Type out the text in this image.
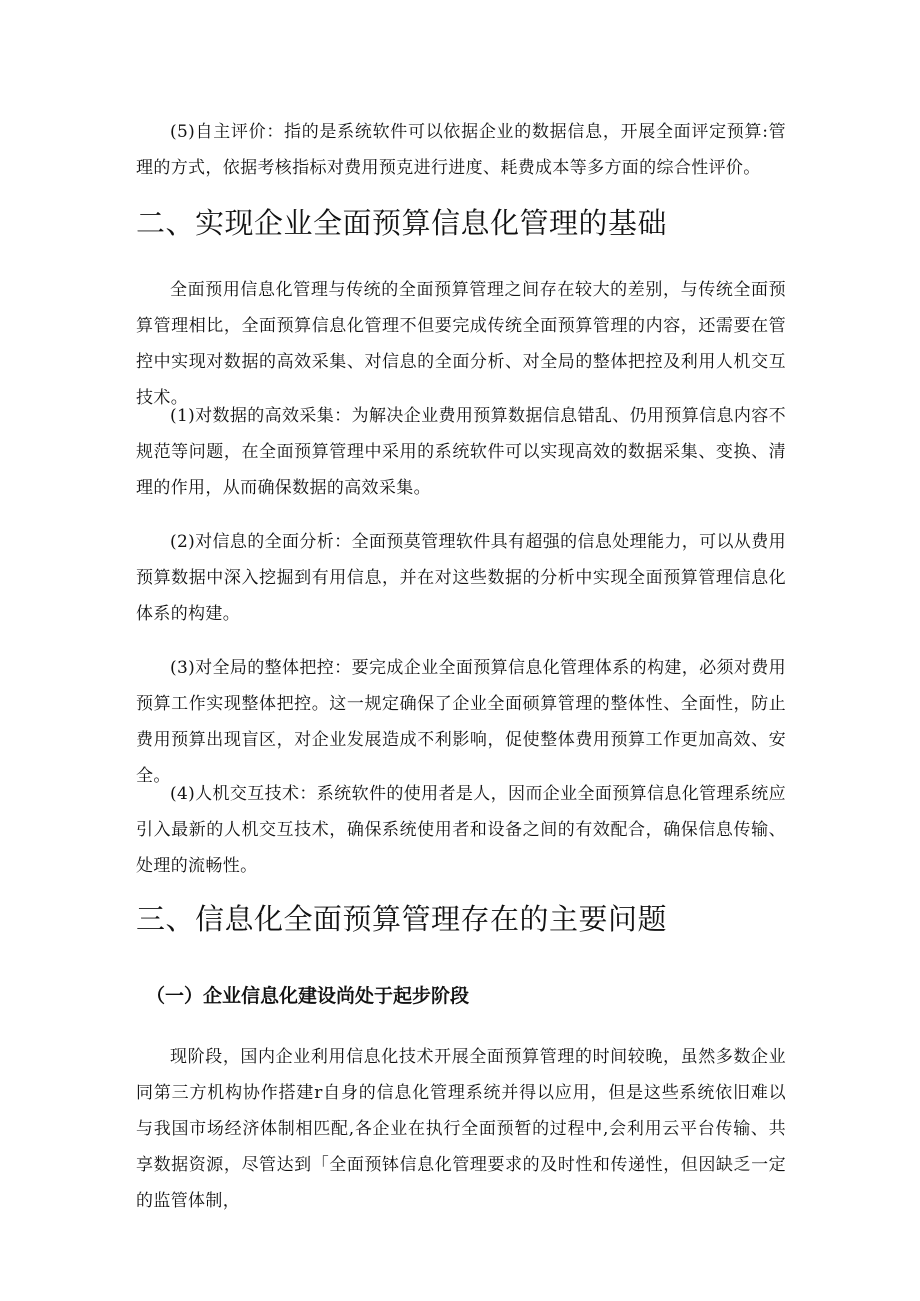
(5)自主评价：指的是系统软件可以依据企业的数据信息，开展全面评定预算:管理的方式，依据考核指标对费用预克进行进度、耗费成本等多方面的综合性评价。

二、实现企业全面预算信息化管理的基础

全面预用信息化管理与传统的全面预算管理之间存在较大的差别，与传统全面预算管理相比，全面预算信息化管理不但要完成传统全面预算管理的内容，还需要在管控中实现对数据的高效采集、对信息的全面分析、对全局的整体把控及利用人机交互技术。

(1)对数据的高效采集：为解决企业费用预算数据信息错乱、仍用预算信息内容不规范等问题，在全面预算管理中采用的系统软件可以实现高效的数据采集、变换、清理的作用，从而确保数据的高效采集。

(2)对信息的全面分析：全面预莫管理软件具有超强的信息处理能力，可以从费用预算数据中深入挖掘到有用信息，并在对这些数据的分析中实现全面预算管理信息化体系的构建。

(3)对全局的整体把控：要完成企业全面预算信息化管理体系的构建，必须对费用预算工作实现整体把控。这一规定确保了企业全面硕算管理的整体性、全面性，防止费用预算出现盲区，对企业发展造成不利影响，促使整体费用预算工作更加高效、安全。

(4)人机交互技术：系统软件的使用者是人，因而企业全面预算信息化管理系统应引入最新的人机交互技术，确保系统使用者和设备之间的有效配合，确保信息传输、处理的流畅性。

三、信息化全面预算管理存在的主要问题
（一）企业信息化建设尚处于起步阶段

现阶段，国内企业利用信息化技术开展全面预算管理的时间较晚，虽然多数企业同第三方机构协作搭建r自身的信息化管理系统并得以应用，但是这些系统依旧难以与我国市场经济体制相匹配,各企业在执行全面预暂的过程中,会利用云平台传输、共享数据资源，尽管达到「全面预钵信息化管理要求的及时性和传递性，但因缺乏一定的监管体制，
